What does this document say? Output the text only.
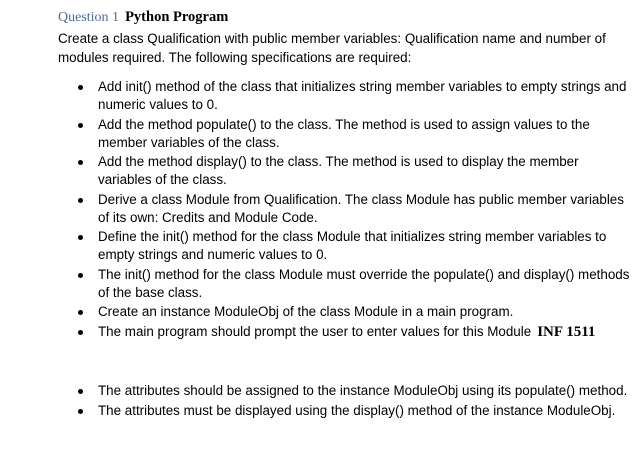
Question 1 Python Program
Create a class Qualification with public member variables: Qualification name and number of modules required. The following specifications are required:
Add init() method of the class that initializes string member variables to empty strings and numeric values to 0.
Add the method populate() to the class. The method is used to assign values to the member variables of the class.
Add the method display() to the class. The method is used to display the member variables of the class.
Derive a class Module from Qualification. The class Module has public member variables of its own: Credits and Module Code.
Define the init() method for the class Module that initializes string member variables to empty strings and numeric values to 0.
The init() method for the class Module must override the populate() and display() methods of the base class.
Create an instance ModuleObj of the class Module in a main program.
The main program should prompt the user to enter values for this Module INF 1511
The attributes should be assigned to the instance ModuleObj using its populate() method.
The attributes must be displayed using the display() method of the instance ModuleObj.
